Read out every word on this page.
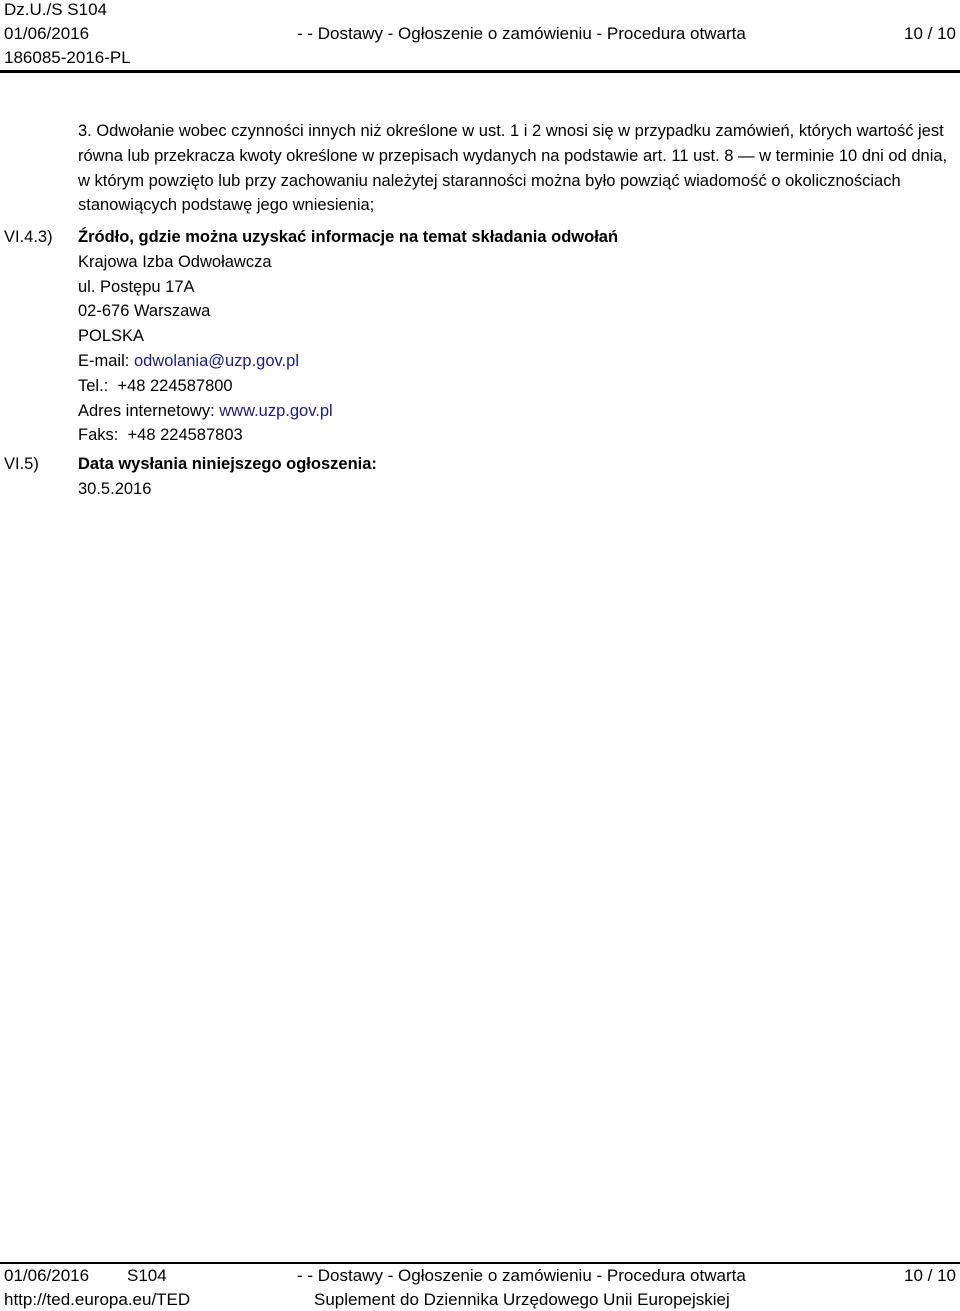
Dz.U./S S104
01/06/2016	- - Dostawy - Ogłoszenie o zamówieniu - Procedura otwarta	10 / 10
186085-2016-PL
3. Odwołanie wobec czynności innych niż określone w ust. 1 i 2 wnosi się w przypadku zamówień, których wartość jest równa lub przekracza kwoty określone w przepisach wydanych na podstawie art. 11 ust. 8 — w terminie 10 dni od dnia, w którym powzięto lub przy zachowaniu należytej staranności można było powziąć wiadomość o okolicznościach stanowiących podstawę jego wniesienia;
VI.4.3) Źródło, gdzie można uzyskać informacje na temat składania odwołań
Krajowa Izba Odwoławcza
ul. Postępu 17A
02-676 Warszawa
POLSKA
E-mail: odwolania@uzp.gov.pl
Tel.: +48 224587800
Adres internetowy: www.uzp.gov.pl
Faks: +48 224587803
VI.5) Data wysłania niniejszego ogłoszenia:
30.5.2016
01/06/2016 S104	- - Dostawy - Ogłoszenie o zamówieniu - Procedura otwarta	10 / 10
http://ted.europa.eu/TED	Suplement do Dziennika Urzędowego Unii Europejskiej
